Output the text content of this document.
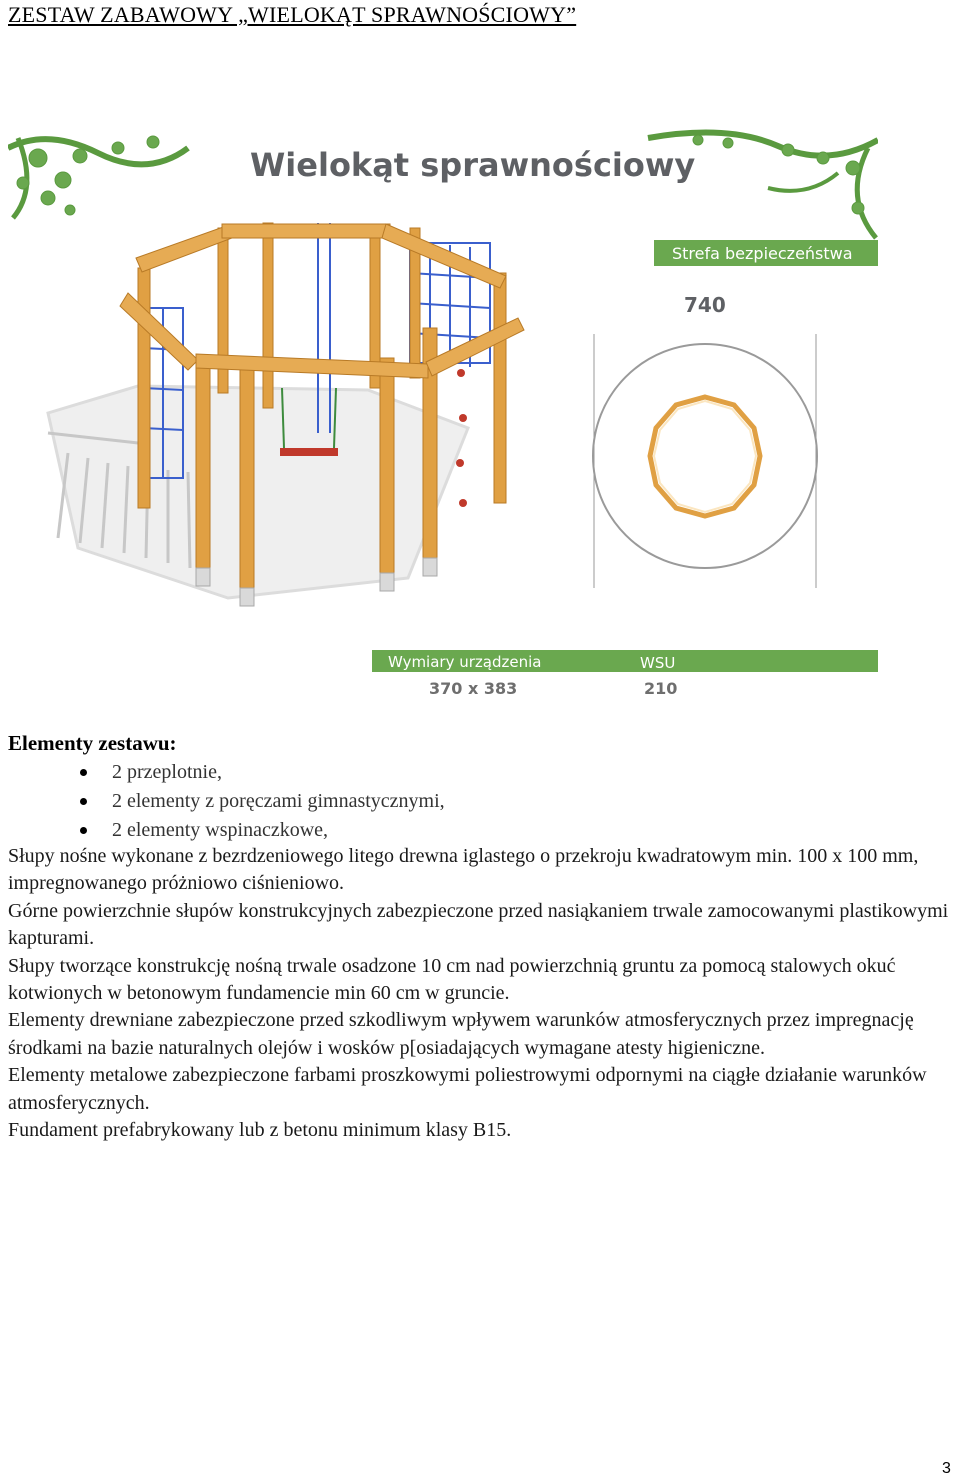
ZESTAW ZABAWOWY „WIELOKĄT SPRAWNOŚCIOWY”
Wielokąt sprawnościowy
Strefa bezpieczeństwa
740
Wymiary urządzenia	WSU
370 x 383	210
Elementy zestawu:
2 przeplotnie,
2 elementy z poręczami gimnastycznymi,
2 elementy wspinaczkowe,

Słupy nośne wykonane z bezrdzeniowego litego drewna iglastego o przekroju kwadratowym min. 100 x 100 mm, impregnowanego próżniowo ciśnieniowo.

Górne powierzchnie słupów konstrukcyjnych zabezpieczone przed nasiąkaniem trwale zamocowanymi plastikowymi kapturami.

Słupy tworzące konstrukcję nośną trwale osadzone 10 cm nad powierzchnią gruntu za pomocą stalowych okuć kotwionych w betonowym fundamencie min 60 cm w gruncie.

Elementy drewniane zabezpieczone przed szkodliwym wpływem warunków atmosferycznych przez impregnację środkami na bazie naturalnych olejów i wosków p[osiadających wymagane atesty higieniczne.

Elementy metalowe zabezpieczone farbami proszkowymi poliestrowymi odpornymi na ciągłe działanie warunków atmosferycznych.

Fundament prefabrykowany lub z betonu minimum klasy B15.

3
